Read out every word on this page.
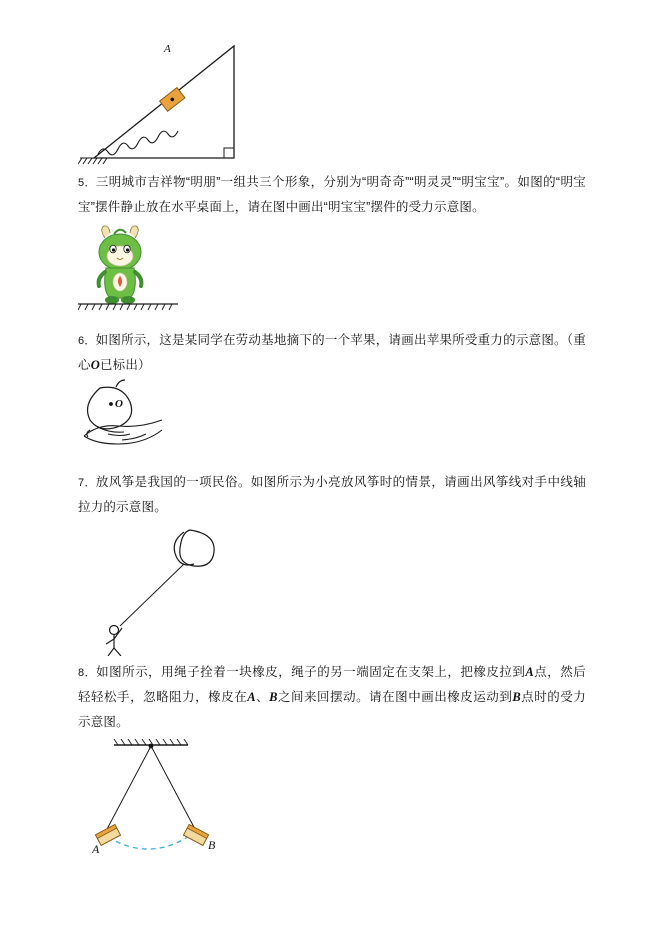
A
5．三明城市吉祥物“明朋”一组共三个形象，分别为“明奇奇”“明灵灵”“明宝宝”。如图的“明宝宝”摆件静止放在水平桌面上，请在图中画出“明宝宝”摆件的受力示意图。
6．如图所示，这是某同学在劳动基地摘下的一个苹果，请画出苹果所受重力的示意图。（重心O已标出）
O
7．放风筝是我国的一项民俗。如图所示为小亮放风筝时的情景，请画出风筝线对手中线轴拉力的示意图。
8．如图所示，用绳子拴着一块橡皮，绳子的另一端固定在支架上，把橡皮拉到A点，然后轻轻松手，忽略阻力，橡皮在A、B之间来回摆动。请在图中画出橡皮运动到B点时的受力示意图。
A	B
